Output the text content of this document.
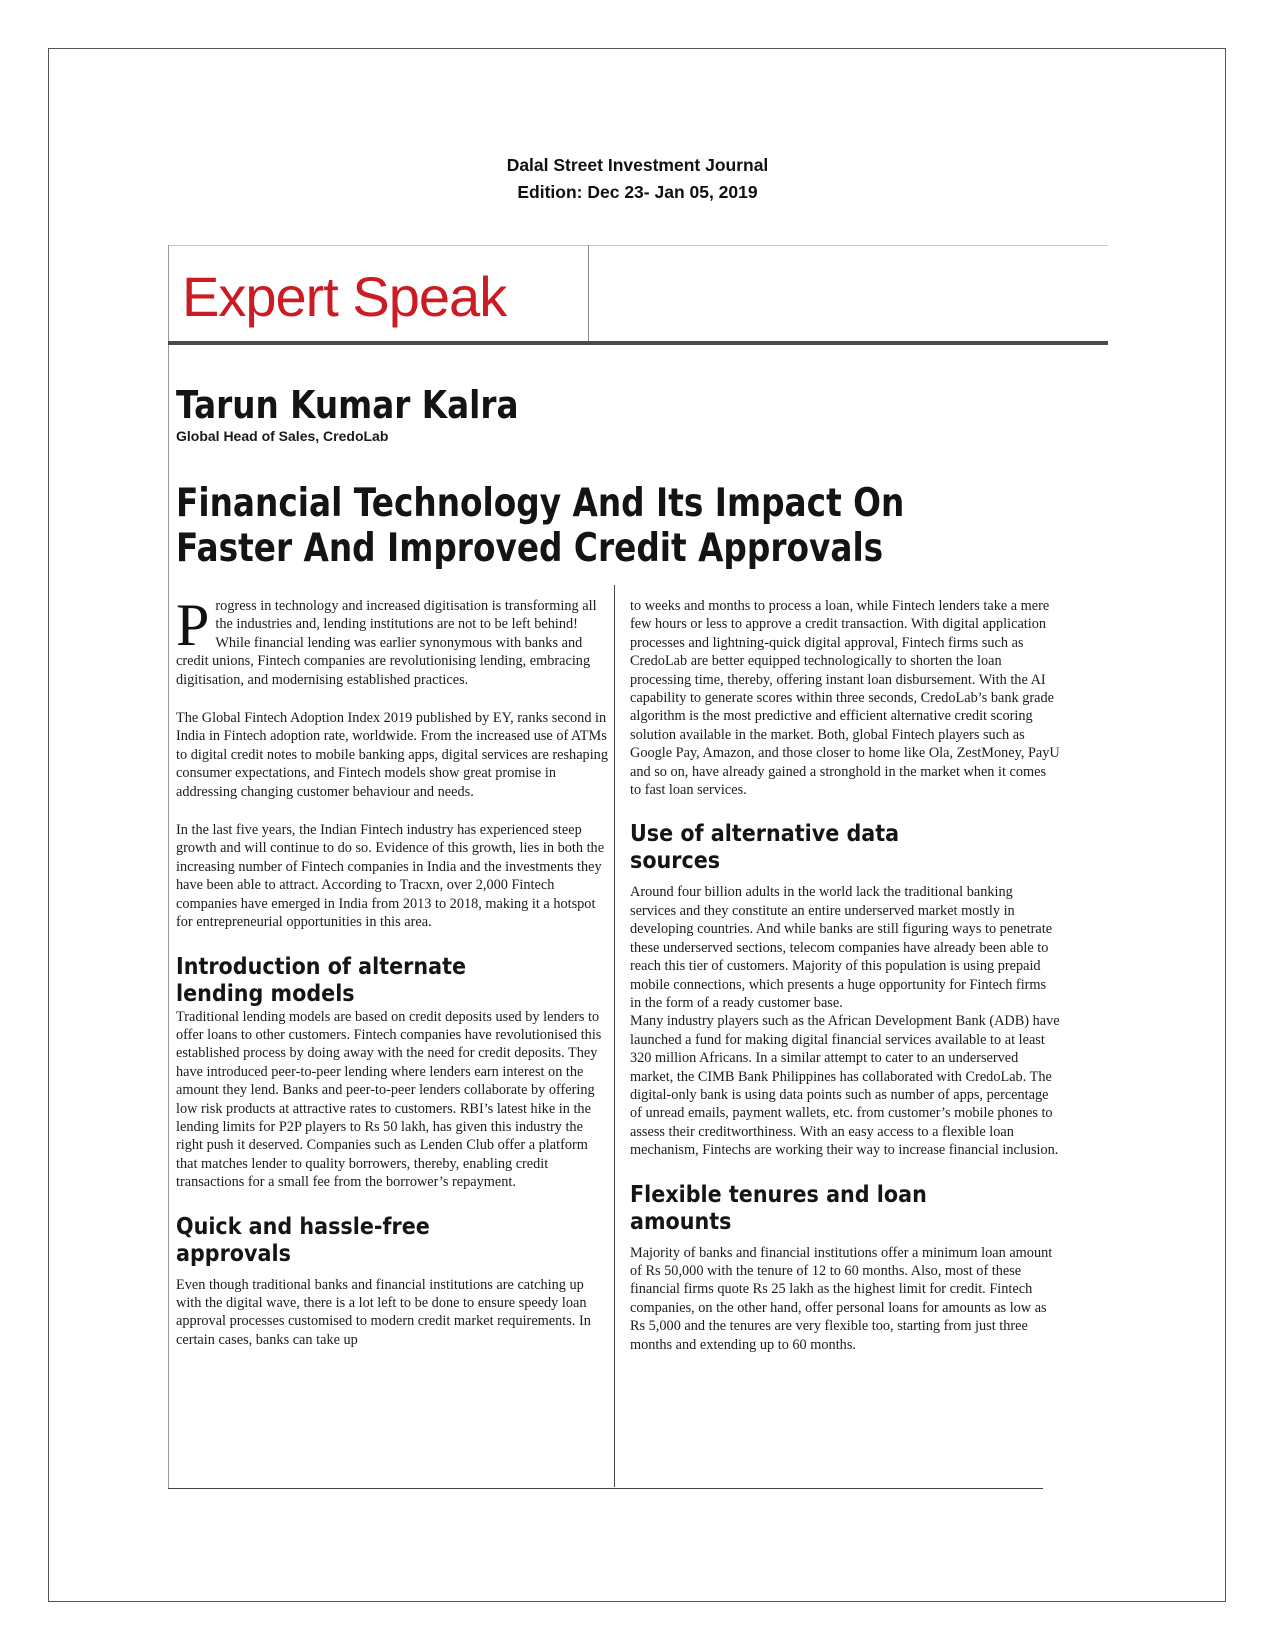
Dalal Street Investment Journal
Edition: Dec 23- Jan 05, 2019
Expert Speak
Tarun Kumar Kalra
Global Head of Sales, CredoLab
Financial Technology And Its Impact On
Faster And Improved Credit Approvals

Progress in technology and increased digitisation is transforming all the industries and, lending institutions are not to be left behind! While financial lending was earlier synonymous with banks and credit unions, Fintech companies are revolutionising lending, embracing digitisation, and modernising established practices.

The Global Fintech Adoption Index 2019 published by EY, ranks second in India in Fintech adoption rate, worldwide. From the increased use of ATMs to digital credit notes to mobile banking apps, digital services are reshaping consumer expectations, and Fintech models show great promise in addressing changing customer behaviour and needs.

In the last five years, the Indian Fintech industry has experienced steep growth and will continue to do so. Evidence of this growth, lies in both the increasing number of Fintech companies in India and the investments they have been able to attract. According to Tracxn, over 2,000 Fintech companies have emerged in India from 2013 to 2018, making it a hotspot for entrepreneurial opportunities in this area.

Introduction of alternate lending models

Traditional lending models are based on credit deposits used by lenders to offer loans to other customers. Fintech companies have revolutionised this established process by doing away with the need for credit deposits. They have introduced peer-to-peer lending where lenders earn interest on the amount they lend. Banks and peer-to-peer lenders collaborate by offering low risk products at attractive rates to customers. RBI’s latest hike in the lending limits for P2P players to Rs 50 lakh, has given this industry the right push it deserved. Companies such as Lenden Club offer a platform that matches lender to quality borrowers, thereby, enabling credit transactions for a small fee from the borrower’s repayment.

Quick and hassle-free approvals

Even though traditional banks and financial institutions are catching up with the digital wave, there is a lot left to be done to ensure speedy loan approval processes customised to modern credit market requirements. In certain cases, banks can take up

to weeks and months to process a loan, while Fintech lenders take a mere few hours or less to approve a credit transaction. With digital application processes and lightning-quick digital approval, Fintech firms such as CredoLab are better equipped technologically to shorten the loan processing time, thereby, offering instant loan disbursement. With the AI capability to generate scores within three seconds, CredoLab’s bank grade algorithm is the most predictive and efficient alternative credit scoring solution available in the market. Both, global Fintech players such as Google Pay, Amazon, and those closer to home like Ola, ZestMoney, PayU and so on, have already gained a stronghold in the market when it comes to fast loan services.

Use of alternative data sources

Around four billion adults in the world lack the traditional banking services and they constitute an entire underserved market mostly in developing countries. And while banks are still figuring ways to penetrate these underserved sections, telecom companies have already been able to reach this tier of customers. Majority of this population is using prepaid mobile connections, which presents a huge opportunity for Fintech firms in the form of a ready customer base.

Many industry players such as the African Development Bank (ADB) have launched a fund for making digital financial services available to at least 320 million Africans. In a similar attempt to cater to an underserved market, the CIMB Bank Philippines has collaborated with CredoLab. The digital-only bank is using data points such as number of apps, percentage of unread emails, payment wallets, etc. from customer’s mobile phones to assess their creditworthiness. With an easy access to a flexible loan mechanism, Fintechs are working their way to increase financial inclusion.

Flexible tenures and loan amounts

Majority of banks and financial institutions offer a minimum loan amount of Rs 50,000 with the tenure of 12 to 60 months. Also, most of these financial firms quote Rs 25 lakh as the highest limit for credit. Fintech companies, on the other hand, offer personal loans for amounts as low as Rs 5,000 and the tenures are very flexible too, starting from just three months and extending up to 60 months.
